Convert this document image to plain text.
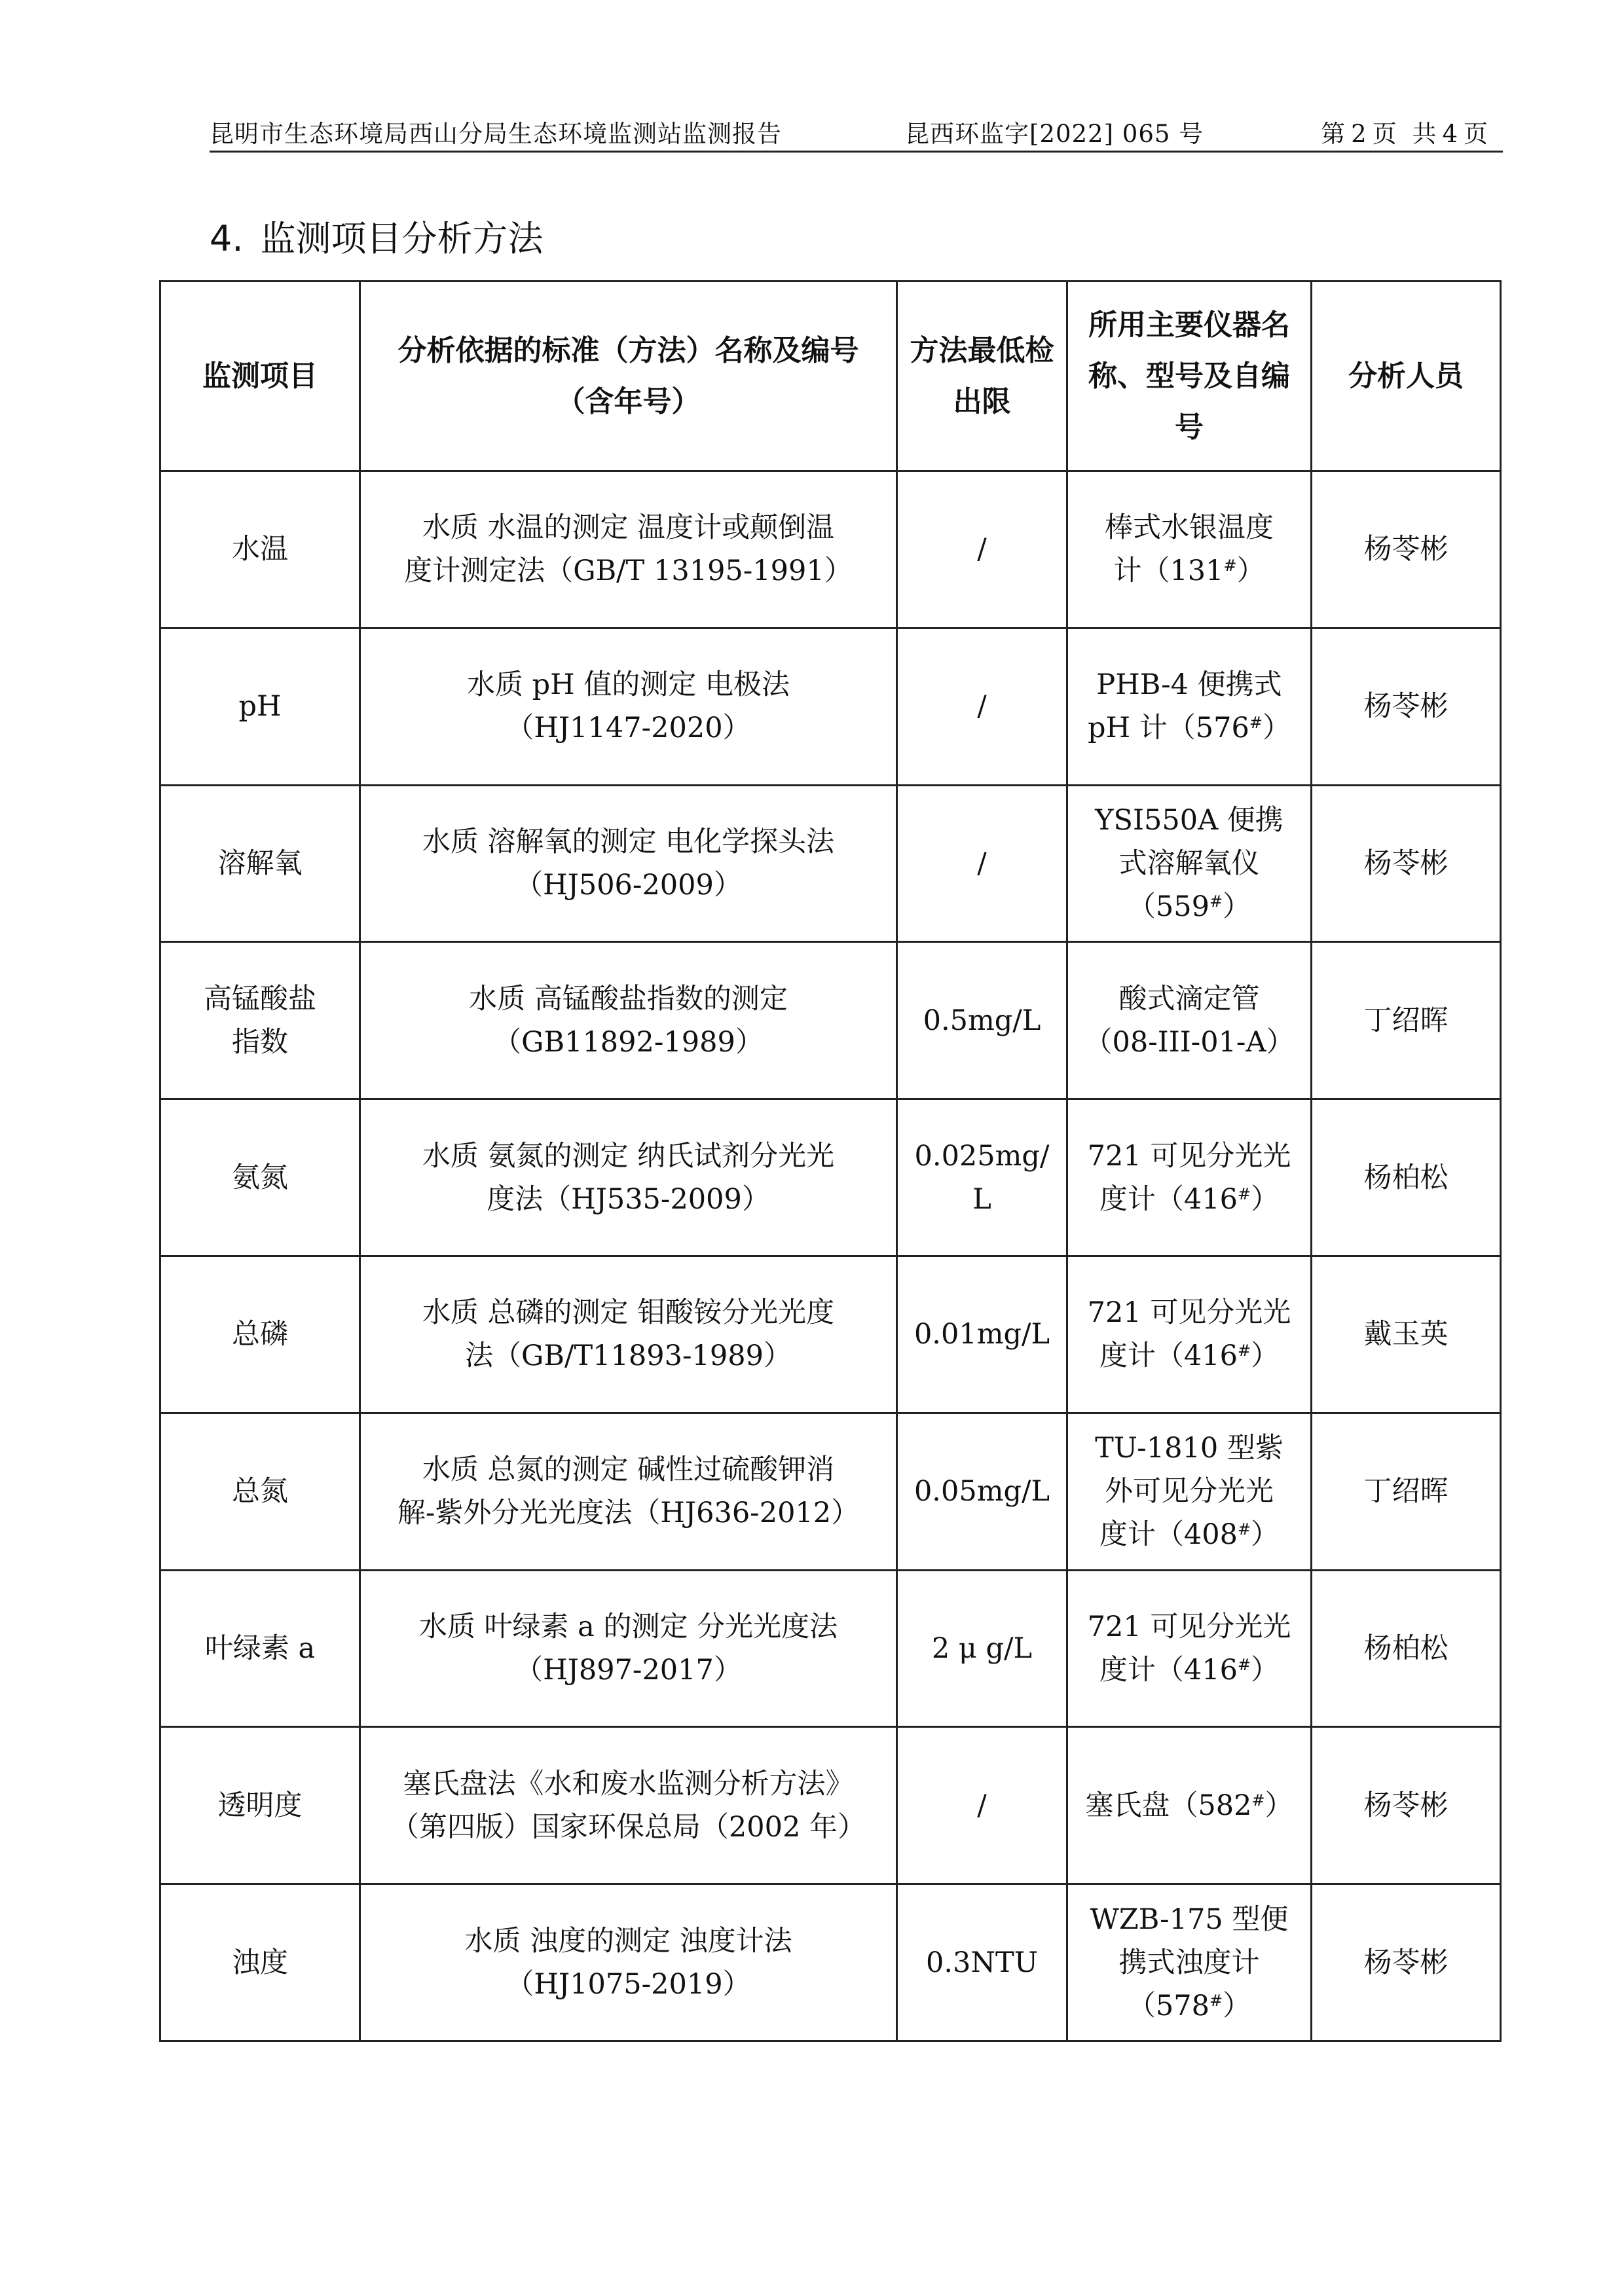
昆明市生态环境局西山分局生态环境监测站监测报告	昆西环监字[2022] 065 号	第 2 页 共 4 页
4. 监测项目分析方法
监测项目	分析依据的标准（方法）名称及编号（含年号）	方法最低检出限	所用主要仪器名称、型号及自编号	分析人员

水温	水质 水温的测定 温度计或颠倒温
度计测定法（GB/T 13195-1991）	/	棒式水银温度
计（131#）	杨苓彬

pH	水质 pH 值的测定 电极法
（HJ1147-2020）	/	PHB-4 便携式
pH 计（576#）	杨苓彬

溶解氧	水质 溶解氧的测定 电化学探头法
（HJ506-2009）	/	YSI550A 便携
式溶解氧仪
（559#）	杨苓彬

高锰酸盐
指数	水质 高锰酸盐指数的测定
（GB11892-1989）	0.5mg/L	酸式滴定管
（08-III-01-A）	丁绍晖

氨氮	水质 氨氮的测定 纳氏试剂分光光
度法（HJ535-2009）	0.025mg/L	721 可见分光光
度计（416#）	杨柏松

总磷	水质 总磷的测定 钼酸铵分光光度
法（GB/T11893-1989）	0.01mg/L	721 可见分光光
度计（416#）	戴玉英

总氮	水质 总氮的测定 碱性过硫酸钾消
解-紫外分光光度法（HJ636-2012）	0.05mg/L	TU-1810 型紫
外可见分光光
度计（408#）	丁绍晖

叶绿素 a	水质 叶绿素 a 的测定 分光光度法
（HJ897-2017）	2 μ g/L	721 可见分光光
度计（416#）	杨柏松

透明度	塞氏盘法《水和废水监测分析方法》
（第四版）国家环保总局（2002 年）	/	塞氏盘（582#）	杨苓彬

浊度	水质 浊度的测定 浊度计法
（HJ1075-2019）	0.3NTU	WZB-175 型便
携式浊度计
（578#）	杨苓彬
